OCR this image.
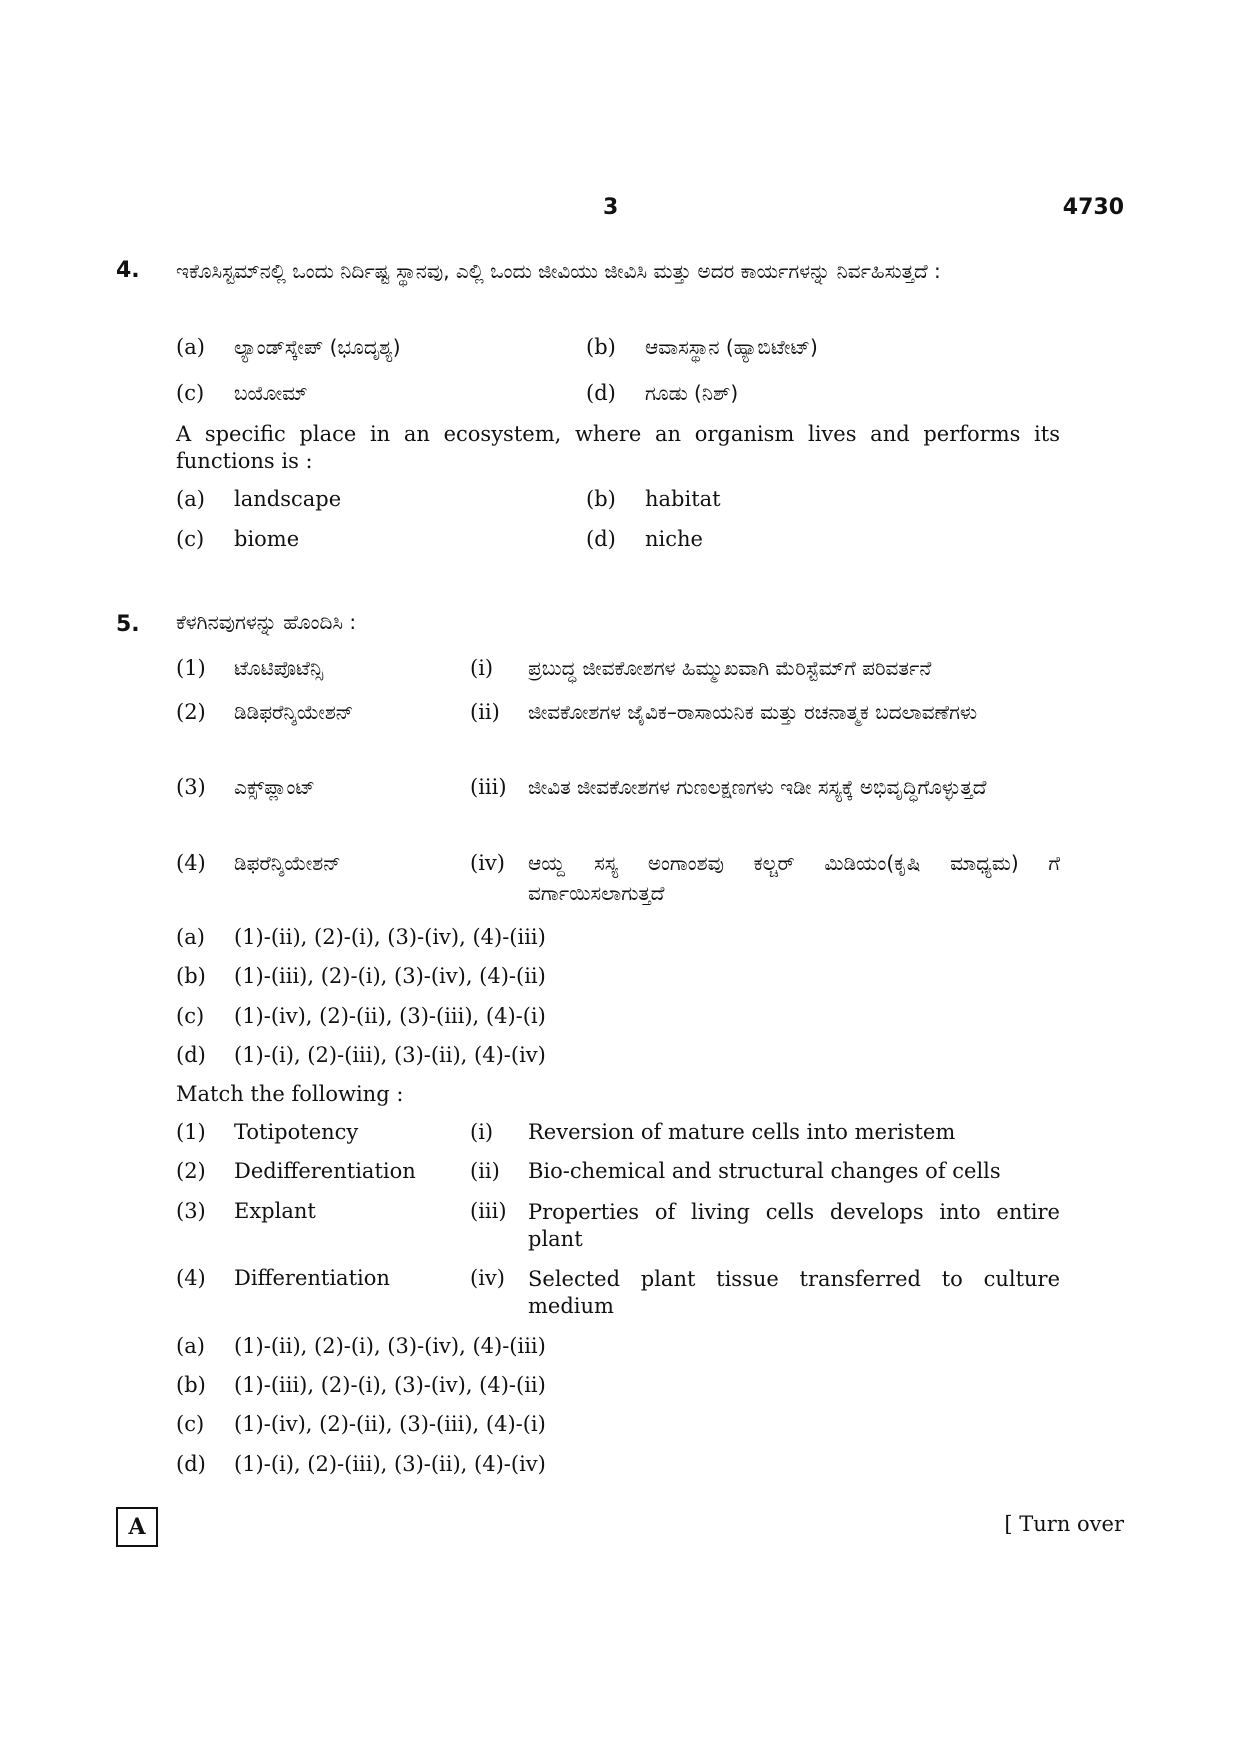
3	4730
4. ಇಕೊಸಿಸ್ಟಮ್‌ನಲ್ಲಿ ಒಂದು ನಿರ್ದಿಷ್ಟ ಸ್ಥಾನವು, ಎಲ್ಲಿ ಒಂದು ಜೀವಿಯು ಜೀವಿಸಿ ಮತ್ತು ಅದರ ಕಾರ್ಯಗಳನ್ನು ನಿರ್ವಹಿಸುತ್ತದೆ :
(a) ಲ್ಯಾಂಡ್‌ಸ್ಕೇಪ್ (ಭೂದೃಶ್ಯ)	(b) ಆವಾಸಸ್ಥಾನ (ಹ್ಯಾಬಿಟೇಟ್)
(c) ಬಯೋಮ್	(d) ಗೂಡು (ನಿಶ್)
A specific place in an ecosystem, where an organism lives and performs its functions is :
(a) landscape	(b) habitat
(c) biome	(d) niche
5. ಕೆಳಗಿನವುಗಳನ್ನು ಹೊಂದಿಸಿ :
(1) ಟೊಟಿಪೊಟೆನ್ಸಿ	(i) ಪ್ರಬುದ್ಧ ಜೀವಕೋಶಗಳ ಹಿಮ್ಮುಖವಾಗಿ ಮೆರಿಸ್ಟೆಮ್‌ಗೆ ಪರಿವರ್ತನೆ
(2) ಡಿಡಿಫರೆನ್ಶಿಯೇಶನ್	(ii) ಜೀವಕೋಶಗಳ ಜೈವಿಕ–ರಾಸಾಯನಿಕ ಮತ್ತು ರಚನಾತ್ಮಕ ಬದಲಾವಣೆಗಳು
(3) ಎಕ್ಸ್‌ಪ್ಲಾಂಟ್	(iii) ಜೀವಿತ ಜೀವಕೋಶಗಳ ಗುಣಲಕ್ಷಣಗಳು ಇಡೀ ಸಸ್ಯಕ್ಕೆ ಅಭಿವೃದ್ಧಿಗೊಳ್ಳುತ್ತದೆ
(4) ಡಿಫರೆನ್ಶಿಯೇಶನ್	(iv) ಆಯ್ದ ಸಸ್ಯ ಅಂಗಾಂಶವು ಕಲ್ಚರ್ ಮಿಡಿಯಂ(ಕೃಷಿ ಮಾಧ್ಯಮ) ಗೆ ವರ್ಗಾಯಿಸಲಾಗುತ್ತದೆ
(a) (1)-(ii), (2)-(i), (3)-(iv), (4)-(iii)
(b) (1)-(iii), (2)-(i), (3)-(iv), (4)-(ii)
(c) (1)-(iv), (2)-(ii), (3)-(iii), (4)-(i)
(d) (1)-(i), (2)-(iii), (3)-(ii), (4)-(iv)
Match the following :
(1) Totipotency	(i) Reversion of mature cells into meristem
(2) Dedifferentiation	(ii) Bio-chemical and structural changes of cells
(3) Explant	(iii) Properties of living cells develops into entire plant
(4) Differentiation	(iv) Selected plant tissue transferred to culture medium
(a) (1)-(ii), (2)-(i), (3)-(iv), (4)-(iii)
(b) (1)-(iii), (2)-(i), (3)-(iv), (4)-(ii)
(c) (1)-(iv), (2)-(ii), (3)-(iii), (4)-(i)
(d) (1)-(i), (2)-(iii), (3)-(ii), (4)-(iv)
A	[ Turn over
